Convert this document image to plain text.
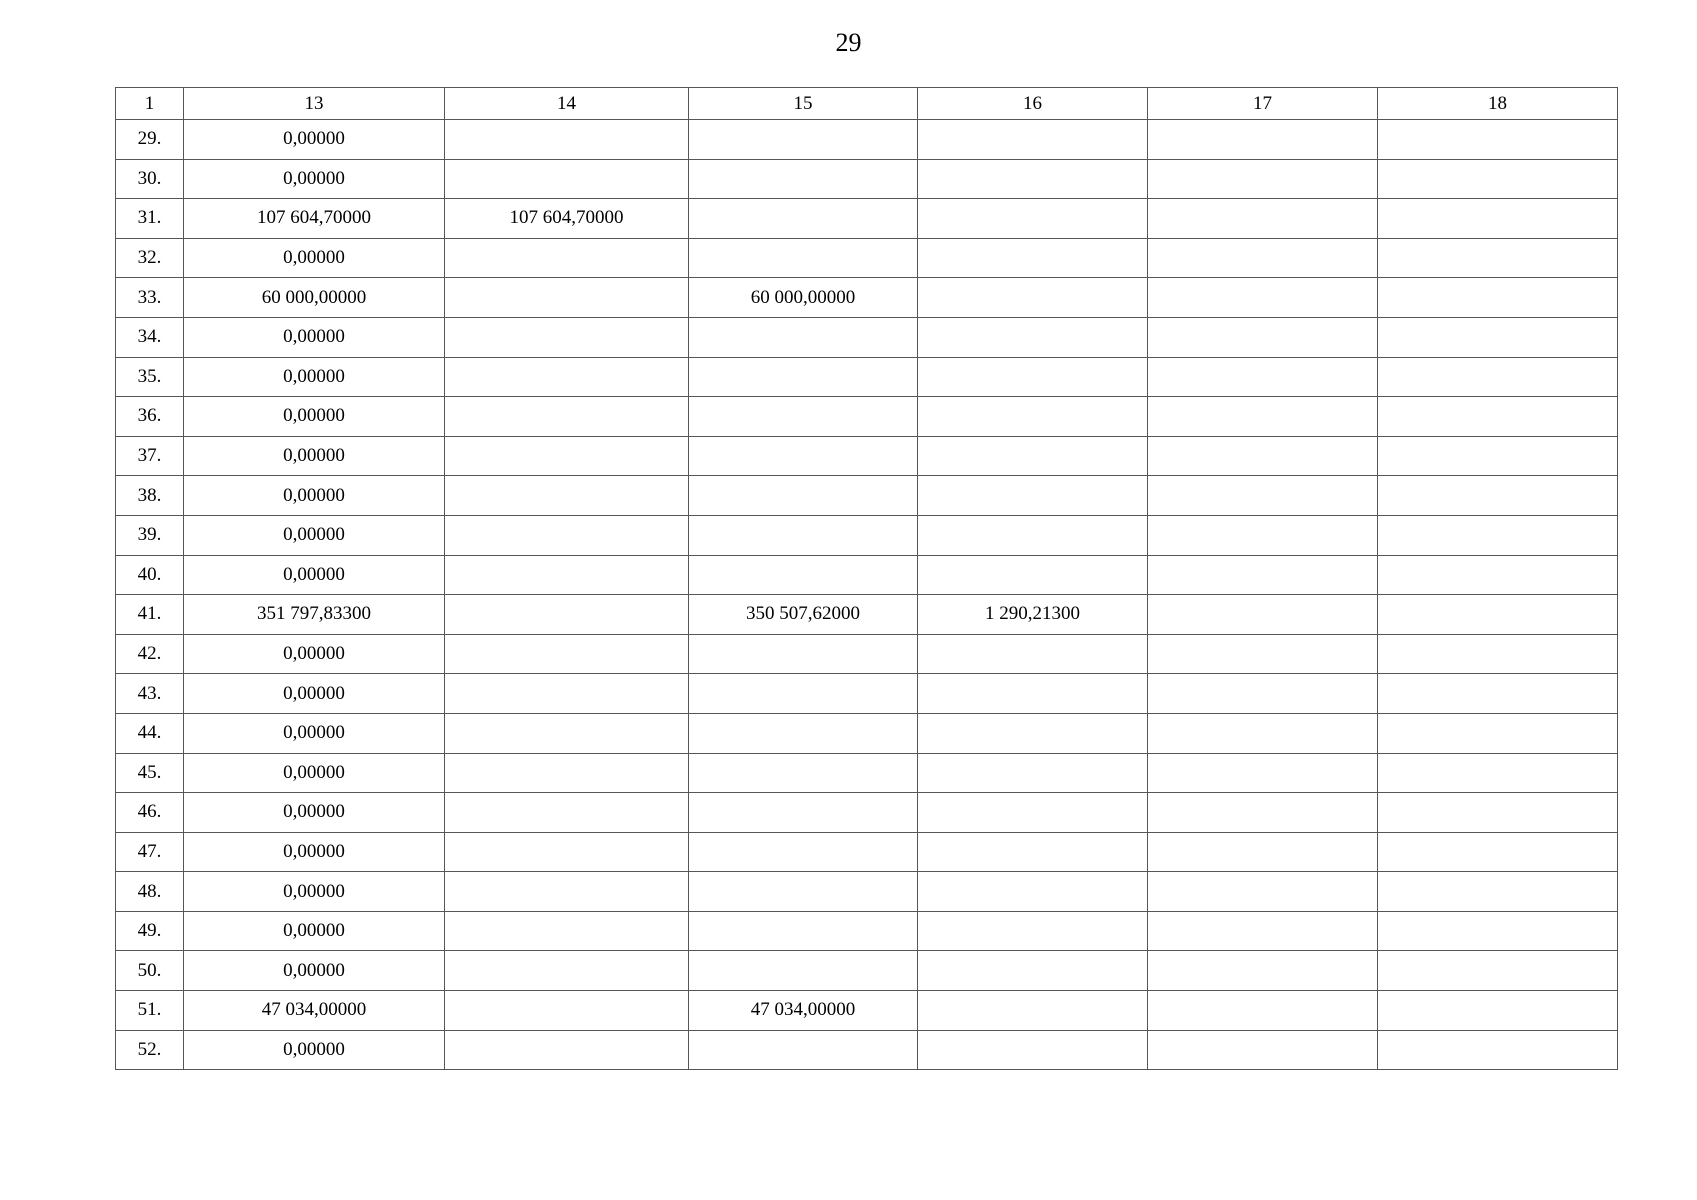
29
1	13	14	15	16	17	18
29.	0,00000					
30.	0,00000					
31.	107 604,70000	107 604,70000				
32.	0,00000					
33.	60 000,00000		60 000,00000			
34.	0,00000					
35.	0,00000					
36.	0,00000					
37.	0,00000					
38.	0,00000					
39.	0,00000					
40.	0,00000					
41.	351 797,83300		350 507,62000	1 290,21300		
42.	0,00000					
43.	0,00000					
44.	0,00000					
45.	0,00000					
46.	0,00000					
47.	0,00000					
48.	0,00000					
49.	0,00000					
50.	0,00000					
51.	47 034,00000		47 034,00000			
52.	0,00000					
